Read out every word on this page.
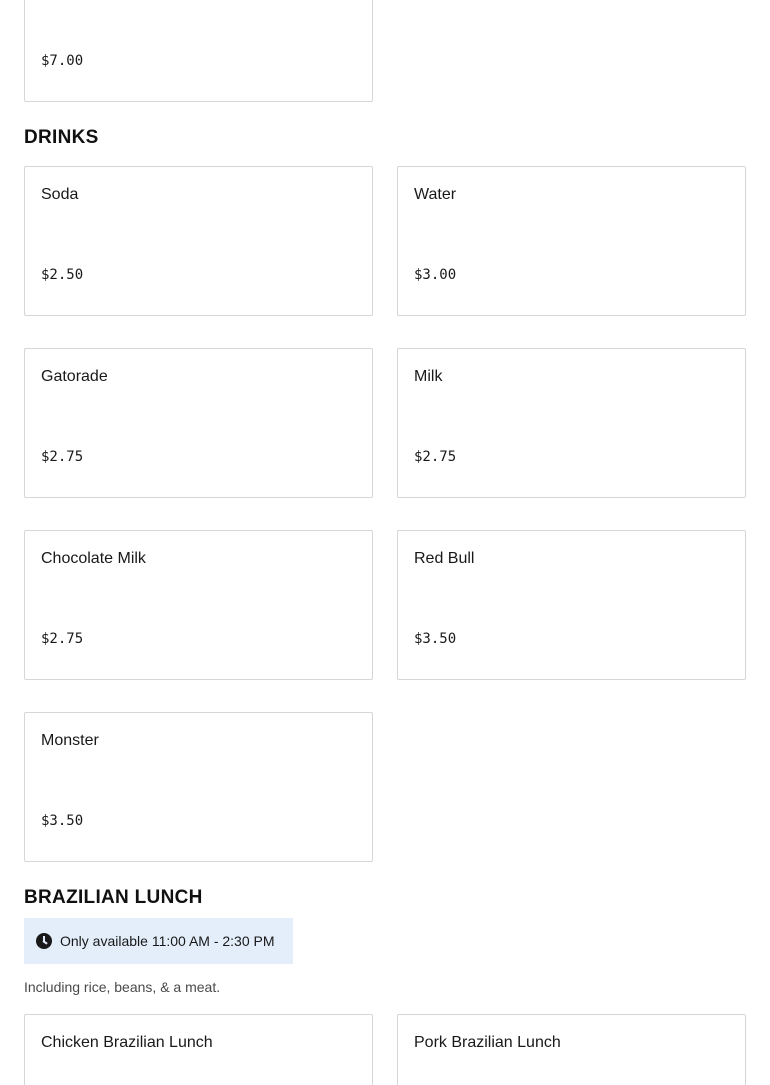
$7.00
DRINKS
Soda
$2.50
Water
$3.00
Gatorade
$2.75
Milk
$2.75
Chocolate Milk
$2.75
Red Bull
$3.50
Monster
$3.50
BRAZILIAN LUNCH
Only available 11:00 AM - 2:30 PM
Including rice, beans, & a meat.
Chicken Brazilian Lunch	Pork Brazilian Lunch
